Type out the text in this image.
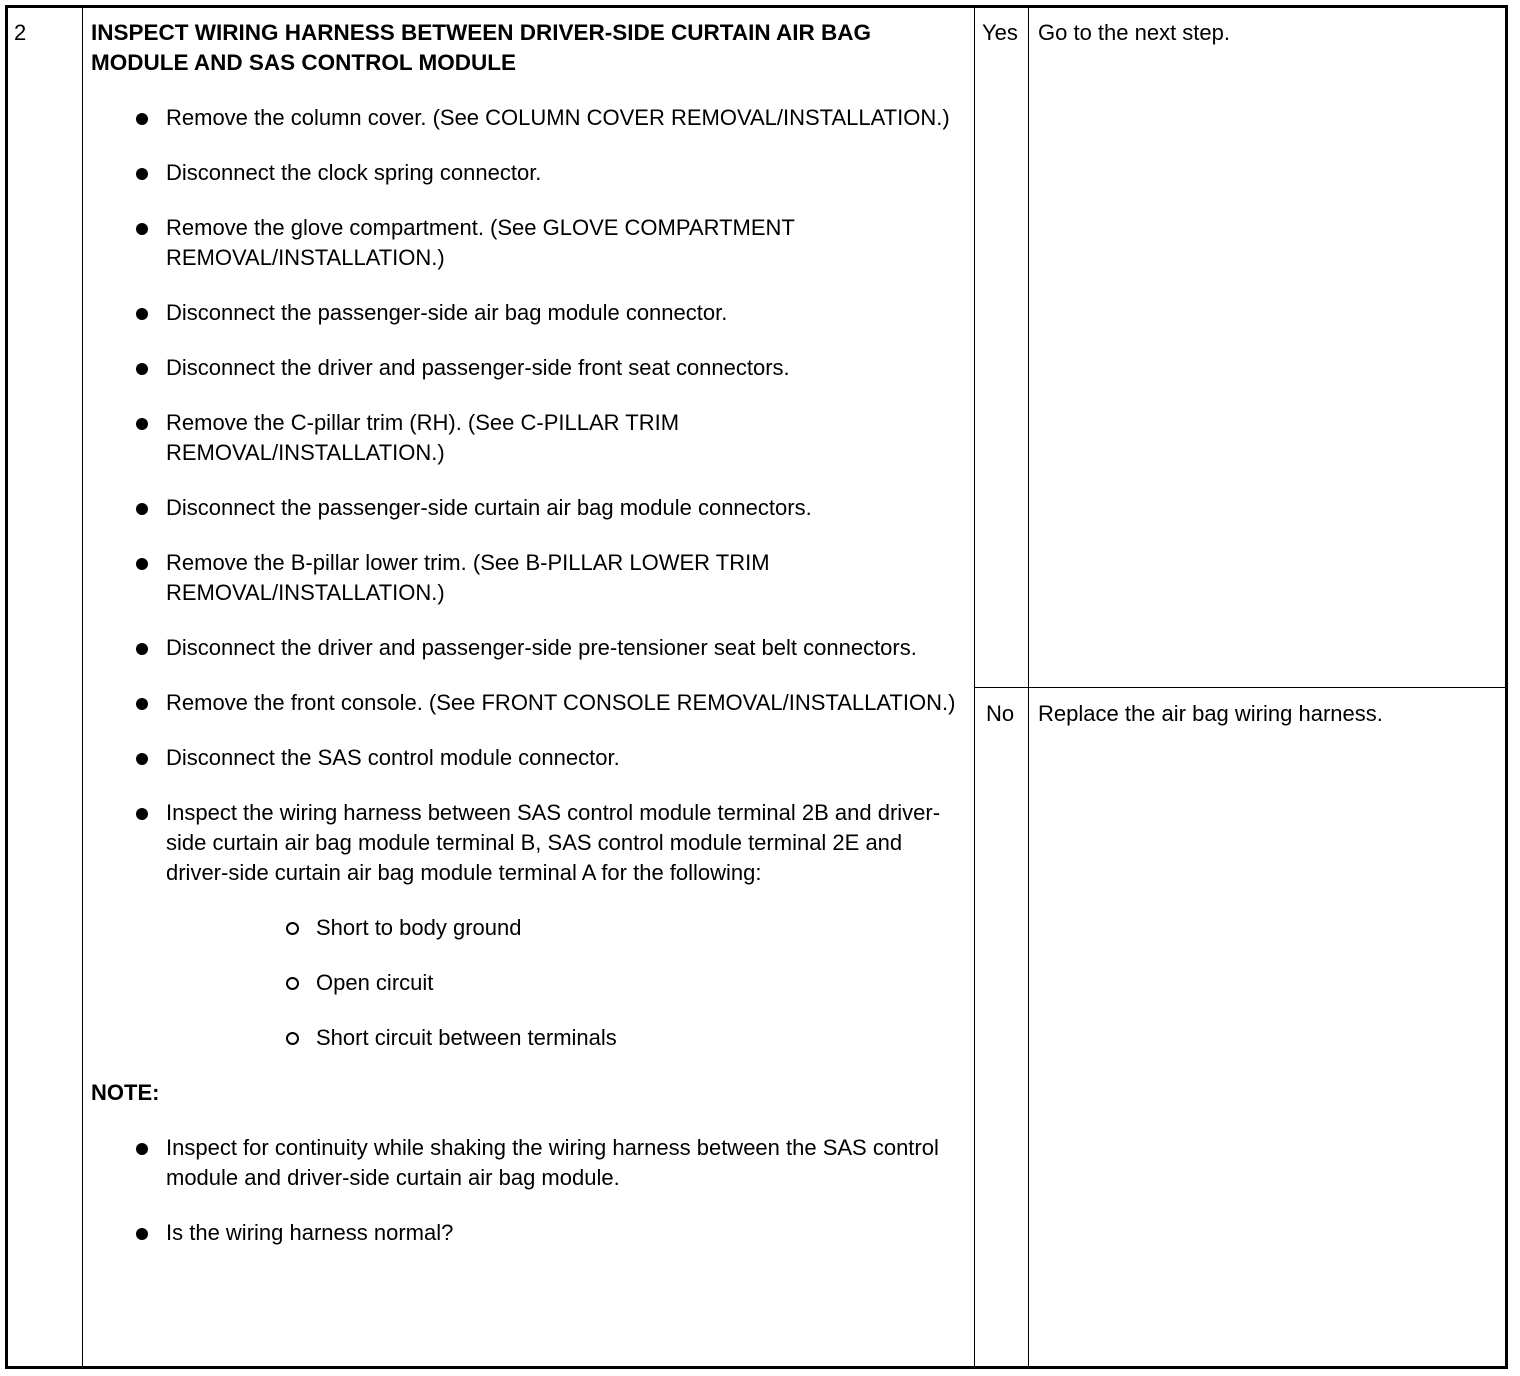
2	INSPECT WIRING HARNESS BETWEEN DRIVER-SIDE CURTAIN AIR BAG
MODULE AND SAS CONTROL MODULE
Remove the column cover. (See COLUMN COVER REMOVAL/INSTALLATION.)
Disconnect the clock spring connector.
Remove the glove compartment. (See GLOVE COMPARTMENT REMOVAL/INSTALLATION.)
Disconnect the passenger-side air bag module connector.
Disconnect the driver and passenger-side front seat connectors.
Remove the C-pillar trim (RH). (See C-PILLAR TRIM REMOVAL/INSTALLATION.)
Disconnect the passenger-side curtain air bag module connectors.
Remove the B-pillar lower trim. (See B-PILLAR LOWER TRIM REMOVAL/INSTALLATION.)
Disconnect the driver and passenger-side pre-tensioner seat belt connectors.
Remove the front console. (See FRONT CONSOLE REMOVAL/INSTALLATION.)
Disconnect the SAS control module connector.
Inspect the wiring harness between SAS control module terminal 2B and driver-side curtain air bag module terminal B, SAS control module terminal 2E and driver-side curtain air bag module terminal A for the following:
Short to body ground
Open circuit
Short circuit between terminals
NOTE:
Inspect for continuity while shaking the wiring harness between the SAS control module and driver-side curtain air bag module.
Is the wiring harness normal?
Yes Go to the next step.
No Replace the air bag wiring harness.
